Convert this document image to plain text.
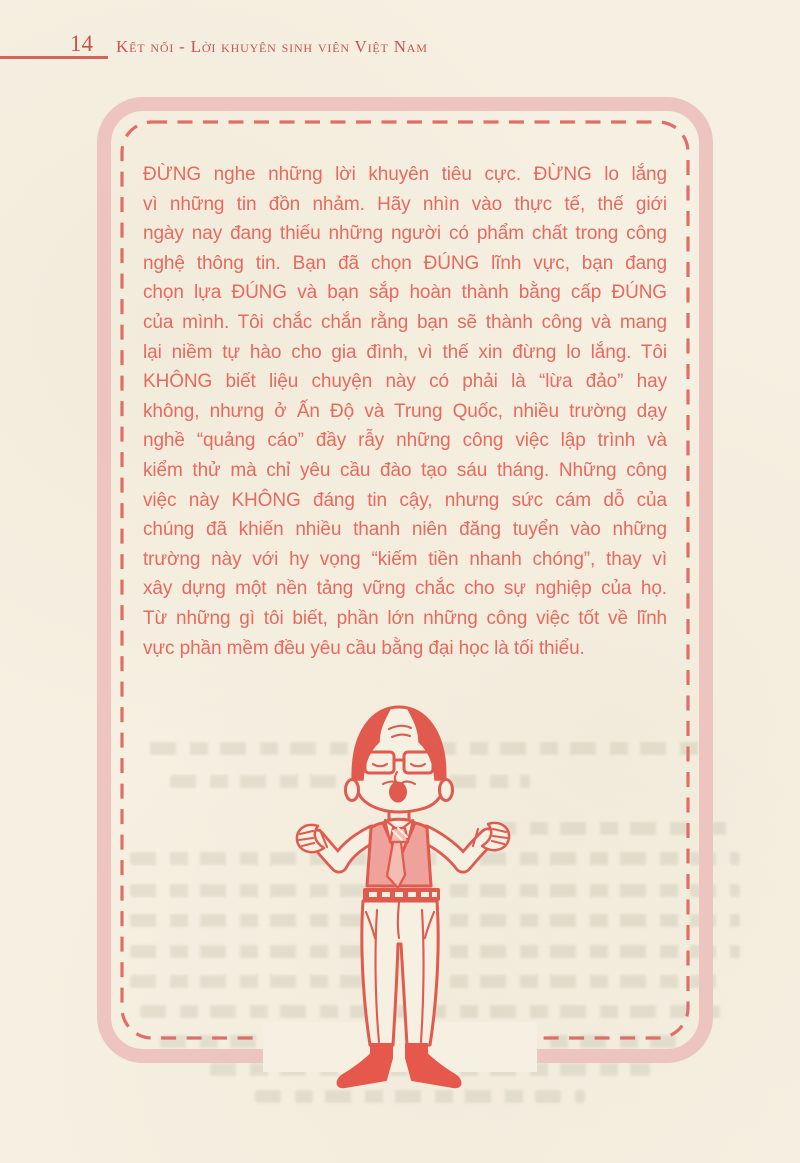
14 Kết nối - Lời khuyên sinh viên Việt Nam
ĐỪNG nghe những lời khuyên tiêu cực. ĐỪNG lo lắng
vì những tin đồn nhảm. Hãy nhìn vào thực tế, thế giới
ngày nay đang thiếu những người có phẩm chất trong công
nghệ thông tin. Bạn đã chọn ĐÚNG lĩnh vực, bạn đang
chọn lựa ĐÚNG và bạn sắp hoàn thành bằng cấp ĐÚNG
của mình. Tôi chắc chắn rằng bạn sẽ thành công và mang
lại niềm tự hào cho gia đình, vì thế xin đừng lo lắng. Tôi
KHÔNG biết liệu chuyện này có phải là “lừa đảo” hay
không, nhưng ở Ấn Độ và Trung Quốc, nhiều trường dạy
nghề “quảng cáo” đầy rẫy những công việc lập trình và
kiểm thử mà chỉ yêu cầu đào tạo sáu tháng. Những công
việc này KHÔNG đáng tin cậy, nhưng sức cám dỗ của
chúng đã khiến nhiều thanh niên đăng tuyển vào những
trường này với hy vọng “kiếm tiền nhanh chóng”, thay vì
xây dựng một nền tảng vững chắc cho sự nghiệp của họ.
Từ những gì tôi biết, phần lớn những công việc tốt về lĩnh
vực phần mềm đều yêu cầu bằng đại học là tối thiểu.
